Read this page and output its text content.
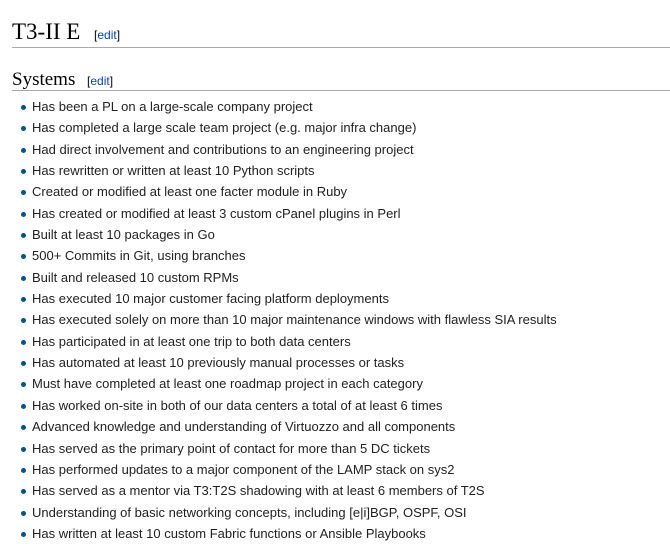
T3-II E [edit]
Systems [edit]
Has been a PL on a large-scale company project
Has completed a large scale team project (e.g. major infra change)
Had direct involvement and contributions to an engineering project
Has rewritten or written at least 10 Python scripts
Created or modified at least one facter module in Ruby
Has created or modified at least 3 custom cPanel plugins in Perl
Built at least 10 packages in Go
500+ Commits in Git, using branches
Built and released 10 custom RPMs
Has executed 10 major customer facing platform deployments
Has executed solely on more than 10 major maintenance windows with flawless SIA results
Has participated in at least one trip to both data centers
Has automated at least 10 previously manual processes or tasks
Must have completed at least one roadmap project in each category
Has worked on-site in both of our data centers a total of at least 6 times
Advanced knowledge and understanding of Virtuozzo and all components
Has served as the primary point of contact for more than 5 DC tickets
Has performed updates to a major component of the LAMP stack on sys2
Has served as a mentor via T3:T2S shadowing with at least 6 members of T2S
Understanding of basic networking concepts, including [e|i]BGP, OSPF, OSI
Has written at least 10 custom Fabric functions or Ansible Playbooks
